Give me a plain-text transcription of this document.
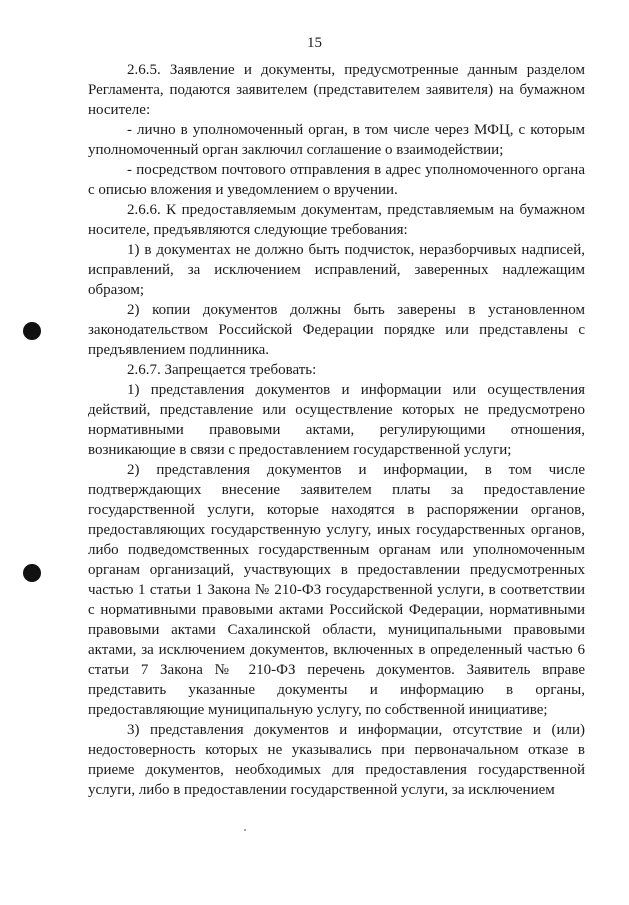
15

2.6.5. Заявление и документы, предусмотренные данным разделом Регламента, подаются заявителем (представителем заявителя) на бумажном носителе:

- лично в уполномоченный орган, в том числе через МФЦ, с которым уполномоченный орган заключил соглашение о взаимодействии;

- посредством почтового отправления в адрес уполномоченного органа с описью вложения и уведомлением о вручении.

2.6.6. К предоставляемым документам, представляемым на бумажном носителе, предъявляются следующие требования:

1) в документах не должно быть подчисток, неразборчивых надписей, исправлений, за исключением исправлений, заверенных надлежащим образом;

2) копии документов должны быть заверены в установленном законодательством Российской Федерации порядке или представлены с предъявлением подлинника.

2.6.7. Запрещается требовать:

1) представления документов и информации или осуществления действий, представление или осуществление которых не предусмотрено нормативными правовыми актами, регулирующими отношения, возникающие в связи с предоставлением государственной услуги;

2) представления документов и информации, в том числе подтверждающих внесение заявителем платы за предоставление государственной услуги, которые находятся в распоряжении органов, предоставляющих государственную услугу, иных государственных органов, либо подведомственных государственным органам или уполномоченным органам организаций, участвующих в предоставлении предусмотренных частью 1 статьи 1 Закона № 210-ФЗ государственной услуги, в соответствии с нормативными правовыми актами Российской Федерации, нормативными правовыми актами Сахалинской области, муниципальными правовыми актами, за исключением документов, включенных в определенный частью 6 статьи 7 Закона № 210-ФЗ перечень документов. Заявитель вправе представить указанные документы и информацию в органы, предоставляющие муниципальную услугу, по собственной инициативе;

3) представления документов и информации, отсутствие и (или) недостоверность которых не указывались при первоначальном отказе в приеме документов, необходимых для предоставления государственной услуги, либо в предоставлении государственной услуги, за исключением
